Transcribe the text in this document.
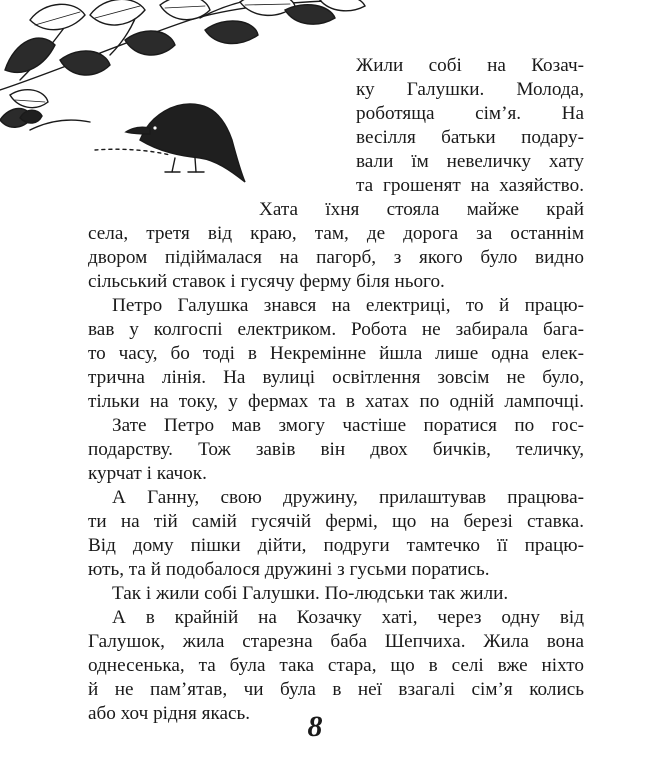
Жили собі на Козач-
ку Галушки. Молода,
роботяща сім’я. На
весілля батьки подару-
вали їм невеличку хату
та грошенят на хазяйство.
Хата їхня стояла майже край
села, третя від краю, там, де дорога за останнім
двором підіймалася на пагорб, з якого було видно
сільський ставок і гусячу ферму біля нього.
Петро Галушка знався на електриці, то й працю-
вав у колгоспі електриком. Робота не забирала бага-
то часу, бо тоді в Некремінне йшла лише одна елек-
трична лінія. На вулиці освітлення зовсім не було,
тільки на току, у фермах та в хатах по одній лампочці.
Зате Петро мав змогу частіше поратися по гос-
подарству. Тож завів він двох бичків, теличку,
курчат і качок.
А Ганну, свою дружину, прилаштував працюва-
ти на тій самій гусячій фермі, що на березі ставка.
Від дому пішки дійти, подруги тамтечко її працю-
ють, та й подобалося дружині з гусьми поратись.
Так і жили собі Галушки. По-людськи так жили.
А в крайній на Козачку хаті, через одну від
Галушок, жила старезна баба Шепчиха. Жила вона
однесенька, та була така стара, що в селі вже ніхто
й не пам’ятав, чи була в неї взагалі сім’я колись
або хоч рідня якась. 8
